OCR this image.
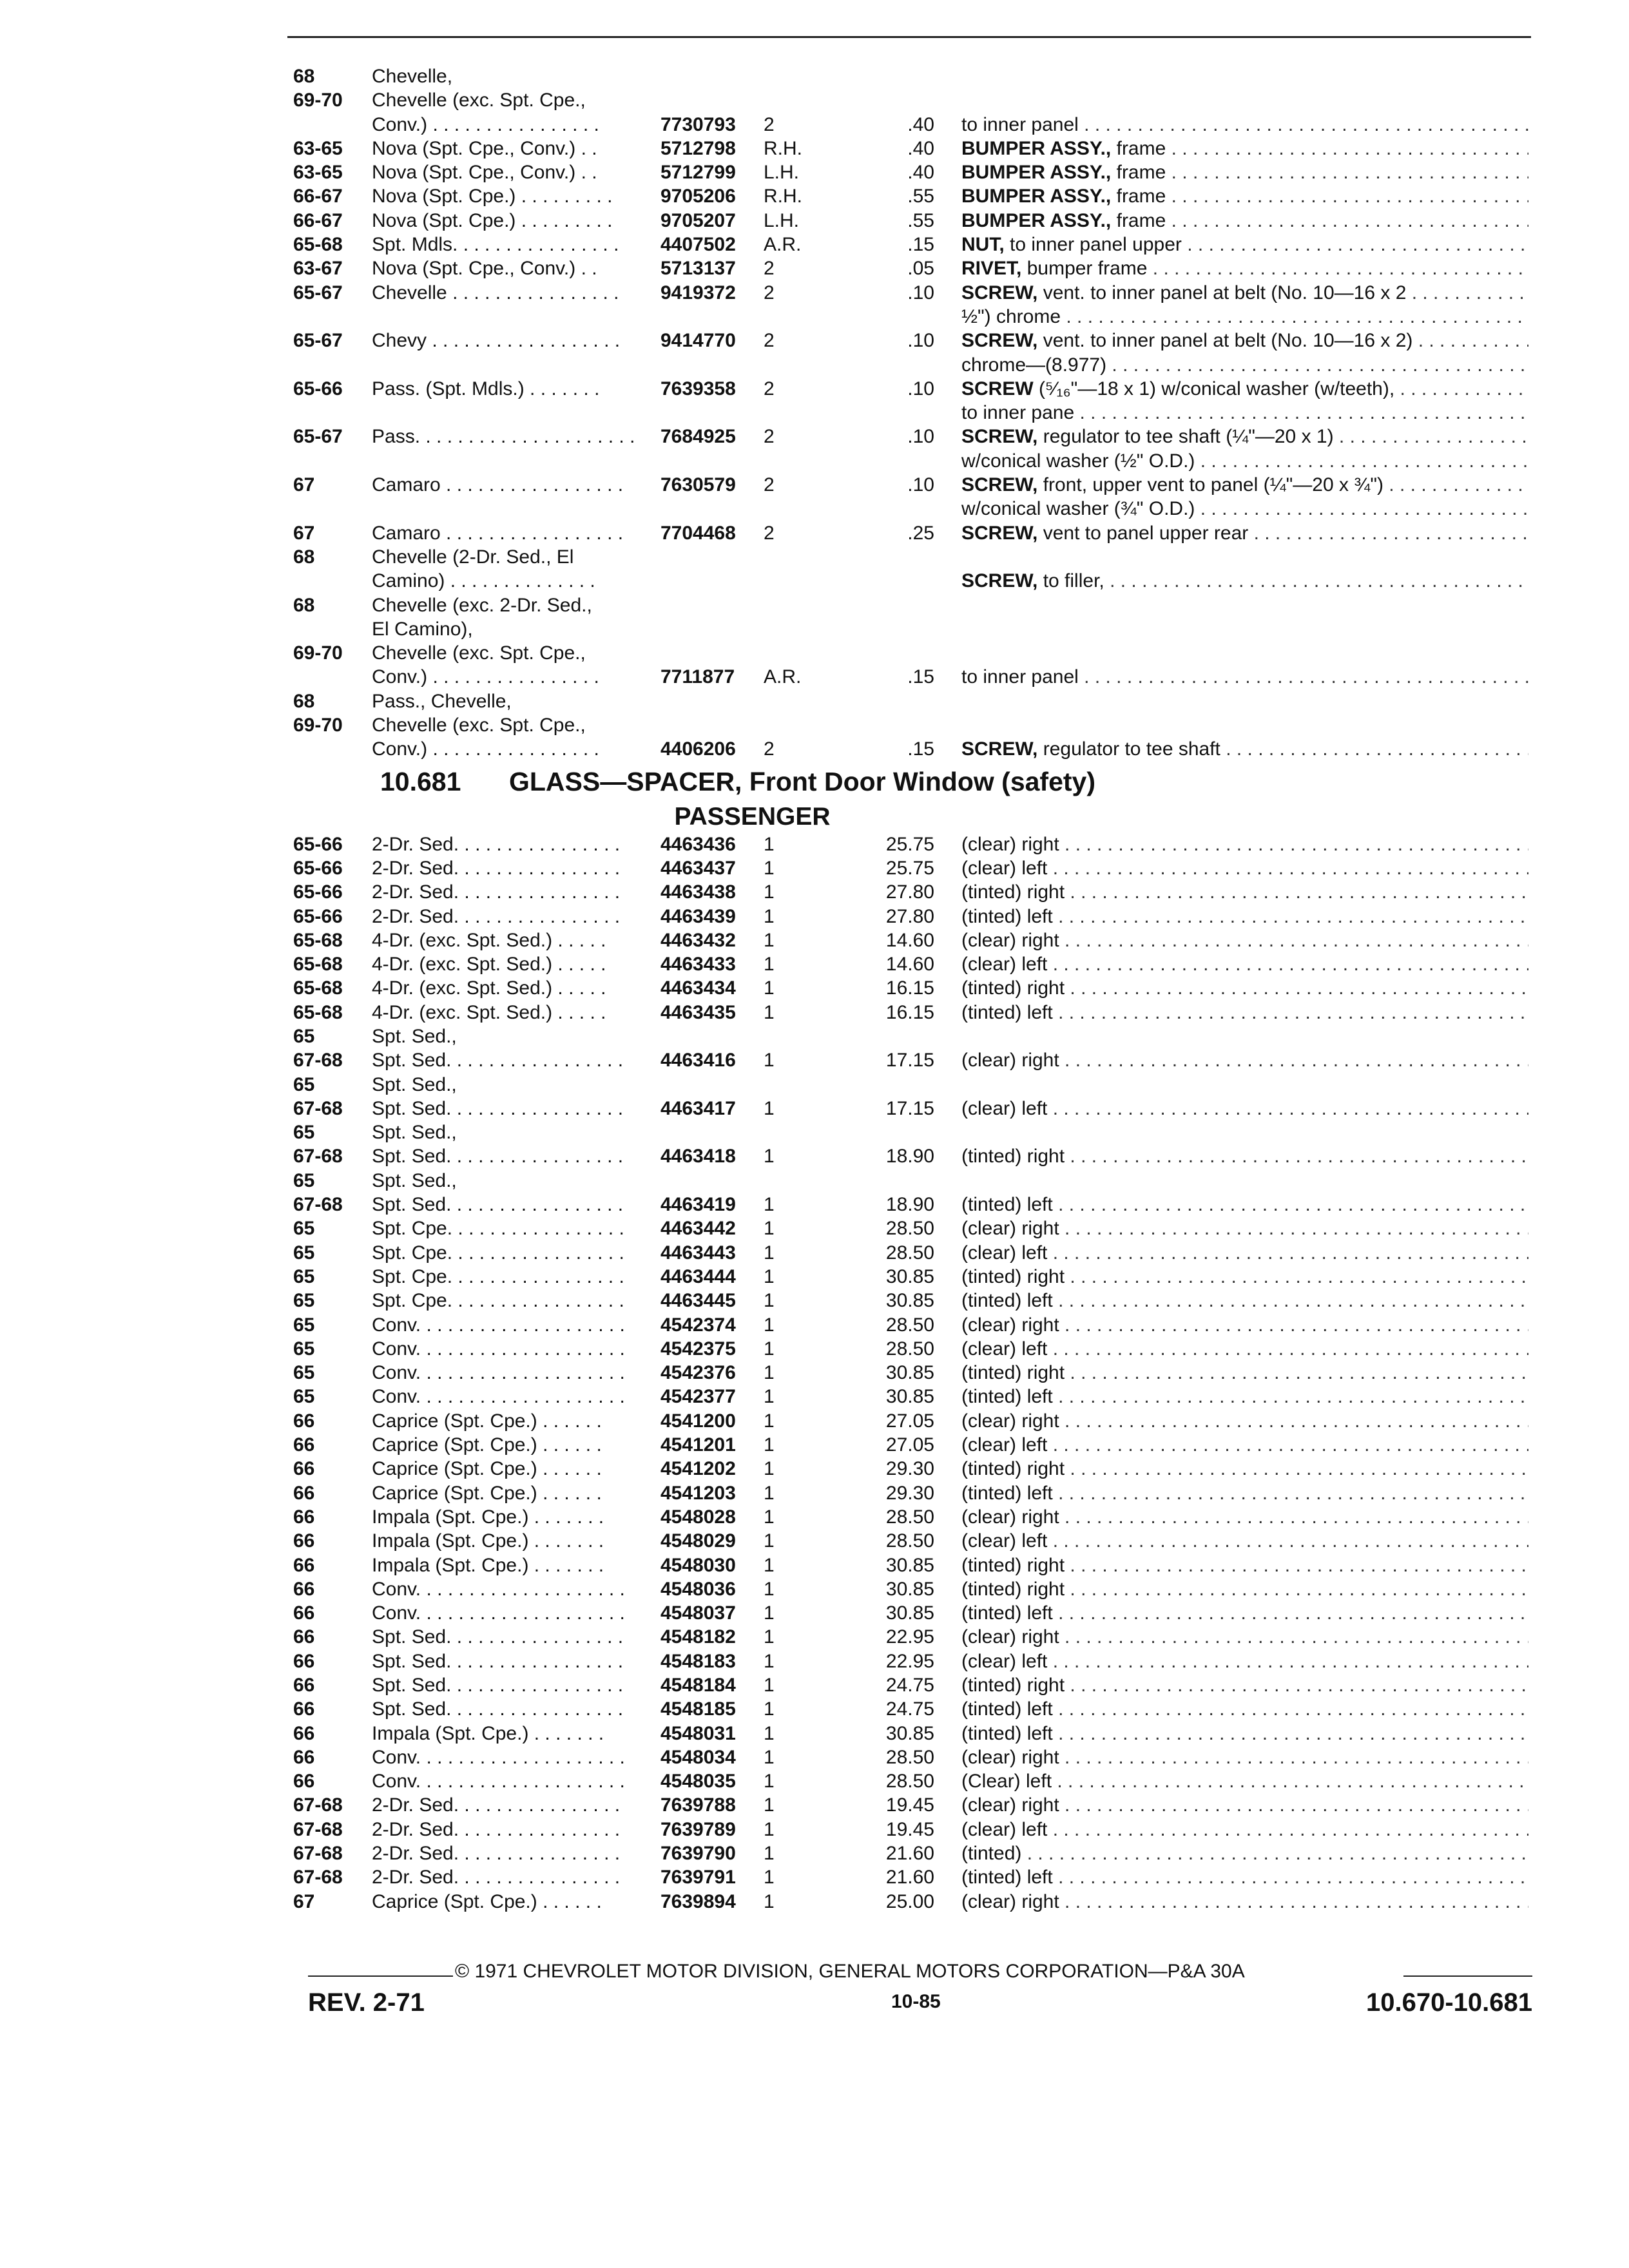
68	Chevelle,
69-70	Chevelle (exc. Spt. Cpe.,
Conv.) . . . . . . . . . . . . . . . .	7730793	2	.40 to inner panel . . .
63-65	Nova (Spt. Cpe., Conv.) . .	5712798	R.H.	.40 BUMPER ASSY., frame . . .
63-65	Nova (Spt. Cpe., Conv.) . .	5712799	L.H.	.40 BUMPER ASSY., frame . . .
66-67	Nova (Spt. Cpe.) . . . . . . . . .	9705206	R.H.	.55 BUMPER ASSY., frame . . .
66-67	Nova (Spt. Cpe.) . . . . . . . . .	9705207	L.H.	.55 BUMPER ASSY., frame . . .
65-68	Spt. Mdls. . . . . . . . . . . . . . . .	4407502	A.R.	.15 NUT, to inner panel upper . . .
63-67	Nova (Spt. Cpe., Conv.) . .	5713137	2	.05 RIVET, bumper frame . . .
65-67	Chevelle . . . . . . . . . . . . . . . .	9419372	2	.10 SCREW, vent. to inner panel at belt (No. 10—16 x 2 . . .
½") chrome . . .
65-67	Chevy . . . . . . . . . . . . . . . . . .	9414770	2	.10 SCREW, vent. to inner panel at belt (No. 10—16 x 2) . . .
chrome—(8.977) . . .
65-66	Pass. (Spt. Mdls.) . . . . . . .	7639358	2	.10 SCREW (⁵⁄₁₆"—18 x 1) w/conical washer (w/teeth), . . .
to inner pane . . .
65-67	Pass. . . . . . . . . . . . . . . . . . . . .	7684925	2	.10 SCREW, regulator to tee shaft (¼"—20 x 1) . . .
w/conical washer (½" O.D.) . . .
67	Camaro . . . . . . . . . . . . . . . . .	7630579	2	.10 SCREW, front, upper vent to panel (¼"—20 x ¾") . . .
w/conical washer (¾" O.D.) . . .
67	Camaro . . . . . . . . . . . . . . . . .	7704468	2	.25 SCREW, vent to panel upper rear . . .
68	Chevelle (2-Dr. Sed., El
Camino) . . . . . . . . . . . . . .	SCREW, to filler, . . .
68	Chevelle (exc. 2-Dr. Sed.,
El Camino),
69-70	Chevelle (exc. Spt. Cpe.,
Conv.) . . . . . . . . . . . . . . . .	7711877	A.R.	.15 to inner panel . . .
68	Pass., Chevelle,
69-70	Chevelle (exc. Spt. Cpe.,
Conv.) . . . . . . . . . . . . . . . .	4406206	2	.15 SCREW, regulator to tee shaft . . .
10.681 GLASS—SPACER, Front Door Window (safety)
PASSENGER
65-66	2-Dr. Sed. . . . . . . . . . . . . . . .	4463436	1	25.75 (clear) right . . .
65-66	2-Dr. Sed. . . . . . . . . . . . . . . .	4463437	1	25.75 (clear) left . . .
65-66	2-Dr. Sed. . . . . . . . . . . . . . . .	4463438	1	27.80 (tinted) right . . .
65-66	2-Dr. Sed. . . . . . . . . . . . . . . .	4463439	1	27.80 (tinted) left . . .
65-68	4-Dr. (exc. Spt. Sed.) . . . . .	4463432	1	14.60 (clear) right . . .
65-68	4-Dr. (exc. Spt. Sed.) . . . . .	4463433	1	14.60 (clear) left . . .
65-68	4-Dr. (exc. Spt. Sed.) . . . . .	4463434	1	16.15 (tinted) right . . .
65-68	4-Dr. (exc. Spt. Sed.) . . . . .	4463435	1	16.15 (tinted) left . . .
65	Spt. Sed.,
67-68	Spt. Sed. . . . . . . . . . . . . . . . .	4463416	1	17.15 (clear) right . . .
65	Spt. Sed.,
67-68	Spt. Sed. . . . . . . . . . . . . . . . .	4463417	1	17.15 (clear) left . . .
65	Spt. Sed.,
67-68	Spt. Sed. . . . . . . . . . . . . . . . .	4463418	1	18.90 (tinted) right . . .
65	Spt. Sed.,
67-68	Spt. Sed. . . . . . . . . . . . . . . . .	4463419	1	18.90 (tinted) left . . .
65	Spt. Cpe. . . . . . . . . . . . . . . . .	4463442	1	28.50 (clear) right . . .
65	Spt. Cpe. . . . . . . . . . . . . . . . .	4463443	1	28.50 (clear) left . . .
65	Spt. Cpe. . . . . . . . . . . . . . . . .	4463444	1	30.85 (tinted) right . . .
65	Spt. Cpe. . . . . . . . . . . . . . . . .	4463445	1	30.85 (tinted) left . . .
65	Conv. . . . . . . . . . . . . . . . . . . .	4542374	1	28.50 (clear) right . . .
65	Conv. . . . . . . . . . . . . . . . . . . .	4542375	1	28.50 (clear) left . . .
65	Conv. . . . . . . . . . . . . . . . . . . .	4542376	1	30.85 (tinted) right . . .
65	Conv. . . . . . . . . . . . . . . . . . . .	4542377	1	30.85 (tinted) left . . .
66	Caprice (Spt. Cpe.) . . . . . .	4541200	1	27.05 (clear) right . . .
66	Caprice (Spt. Cpe.) . . . . . .	4541201	1	27.05 (clear) left . . .
66	Caprice (Spt. Cpe.) . . . . . .	4541202	1	29.30 (tinted) right . . .
66	Caprice (Spt. Cpe.) . . . . . .	4541203	1	29.30 (tinted) left . . .
66	Impala (Spt. Cpe.) . . . . . . .	4548028	1	28.50 (clear) right . . .
66	Impala (Spt. Cpe.) . . . . . . .	4548029	1	28.50 (clear) left . . .
66	Impala (Spt. Cpe.) . . . . . . .	4548030	1	30.85 (tinted) right . . .
66	Conv. . . . . . . . . . . . . . . . . . . .	4548036	1	30.85 (tinted) right . . .
66	Conv. . . . . . . . . . . . . . . . . . . .	4548037	1	30.85 (tinted) left . . .
66	Spt. Sed. . . . . . . . . . . . . . . . .	4548182	1	22.95 (clear) right . . .
66	Spt. Sed. . . . . . . . . . . . . . . . .	4548183	1	22.95 (clear) left . . .
66	Spt. Sed. . . . . . . . . . . . . . . . .	4548184	1	24.75 (tinted) right . . .
66	Spt. Sed. . . . . . . . . . . . . . . . .	4548185	1	24.75 (tinted) left . . .
66	Impala (Spt. Cpe.) . . . . . . .	4548031	1	30.85 (tinted) left . . .
66	Conv. . . . . . . . . . . . . . . . . . . .	4548034	1	28.50 (clear) right . . .
66	Conv. . . . . . . . . . . . . . . . . . . .	4548035	1	28.50 (Clear) left . . .
67-68	2-Dr. Sed. . . . . . . . . . . . . . . .	7639788	1	19.45 (clear) right . . .
67-68	2-Dr. Sed. . . . . . . . . . . . . . . .	7639789	1	19.45 (clear) left . . .
67-68	2-Dr. Sed. . . . . . . . . . . . . . . .	7639790	1	21.60 (tinted) . . .
67-68	2-Dr. Sed. . . . . . . . . . . . . . . .	7639791	1	21.60 (tinted) left . . .
67	Caprice (Spt. Cpe.) . . . . . .	7639894	1	25.00 (clear) right . . .
© 1971 CHEVROLET MOTOR DIVISION, GENERAL MOTORS CORPORATION—P&A 30A
REV. 2-71	10-85	10.670-10.681
